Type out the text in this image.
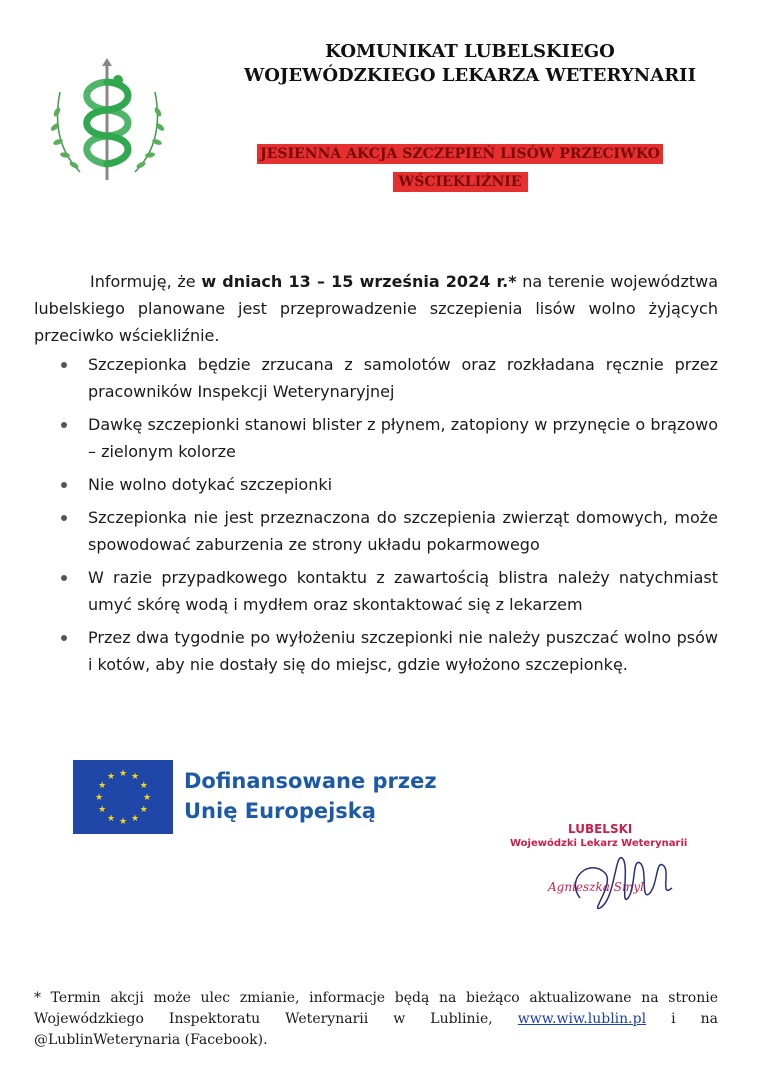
KOMUNIKAT LUBELSKIEGO
WOJEWÓDZKIEGO LEKARZA WETERYNARII
JESIENNA AKCJA SZCZEPIEŃ LISÓW PRZECIWKO
WŚCIEKLIŹNIE

Informuję, że w dniach 13 – 15 września 2024 r.* na terenie województwa lubelskiego planowane jest przeprowadzenie szczepienia lisów wolno żyjących przeciwko wściekliźnie.

Szczepionka będzie zrzucana z samolotów oraz rozkładana ręcznie przez pracowników Inspekcji Weterynaryjnej
Dawkę szczepionki stanowi blister z płynem, zatopiony w przynęcie o brązowo – zielonym kolorze
Nie wolno dotykać szczepionki
Szczepionka nie jest przeznaczona do szczepienia zwierząt domowych, może spowodować zaburzenia ze strony układu pokarmowego
W razie przypadkowego kontaktu z zawartością blistra należy natychmiast umyć skórę wodą i mydłem oraz skontaktować się z lekarzem
Przez dwa tygodnie po wyłożeniu szczepionki nie należy puszczać wolno psów i kotów, aby nie dostały się do miejsc, gdzie wyłożono szczepionkę.
★ ★
★
★
★
★
★
★
★
★
★
★	Dofinansowane przez
Unię Europejską
LUBELSKI
Wojewódzki Lekarz Weterynarii
Agnieszka Smyl
* Termin akcji może ulec zmianie, informacje będą na bieżąco aktualizowane na stronie Wojewódzkiego Inspektoratu Weterynarii w Lublinie, www.wiw.lublin.pl i na @LublinWeterynaria (Facebook).
